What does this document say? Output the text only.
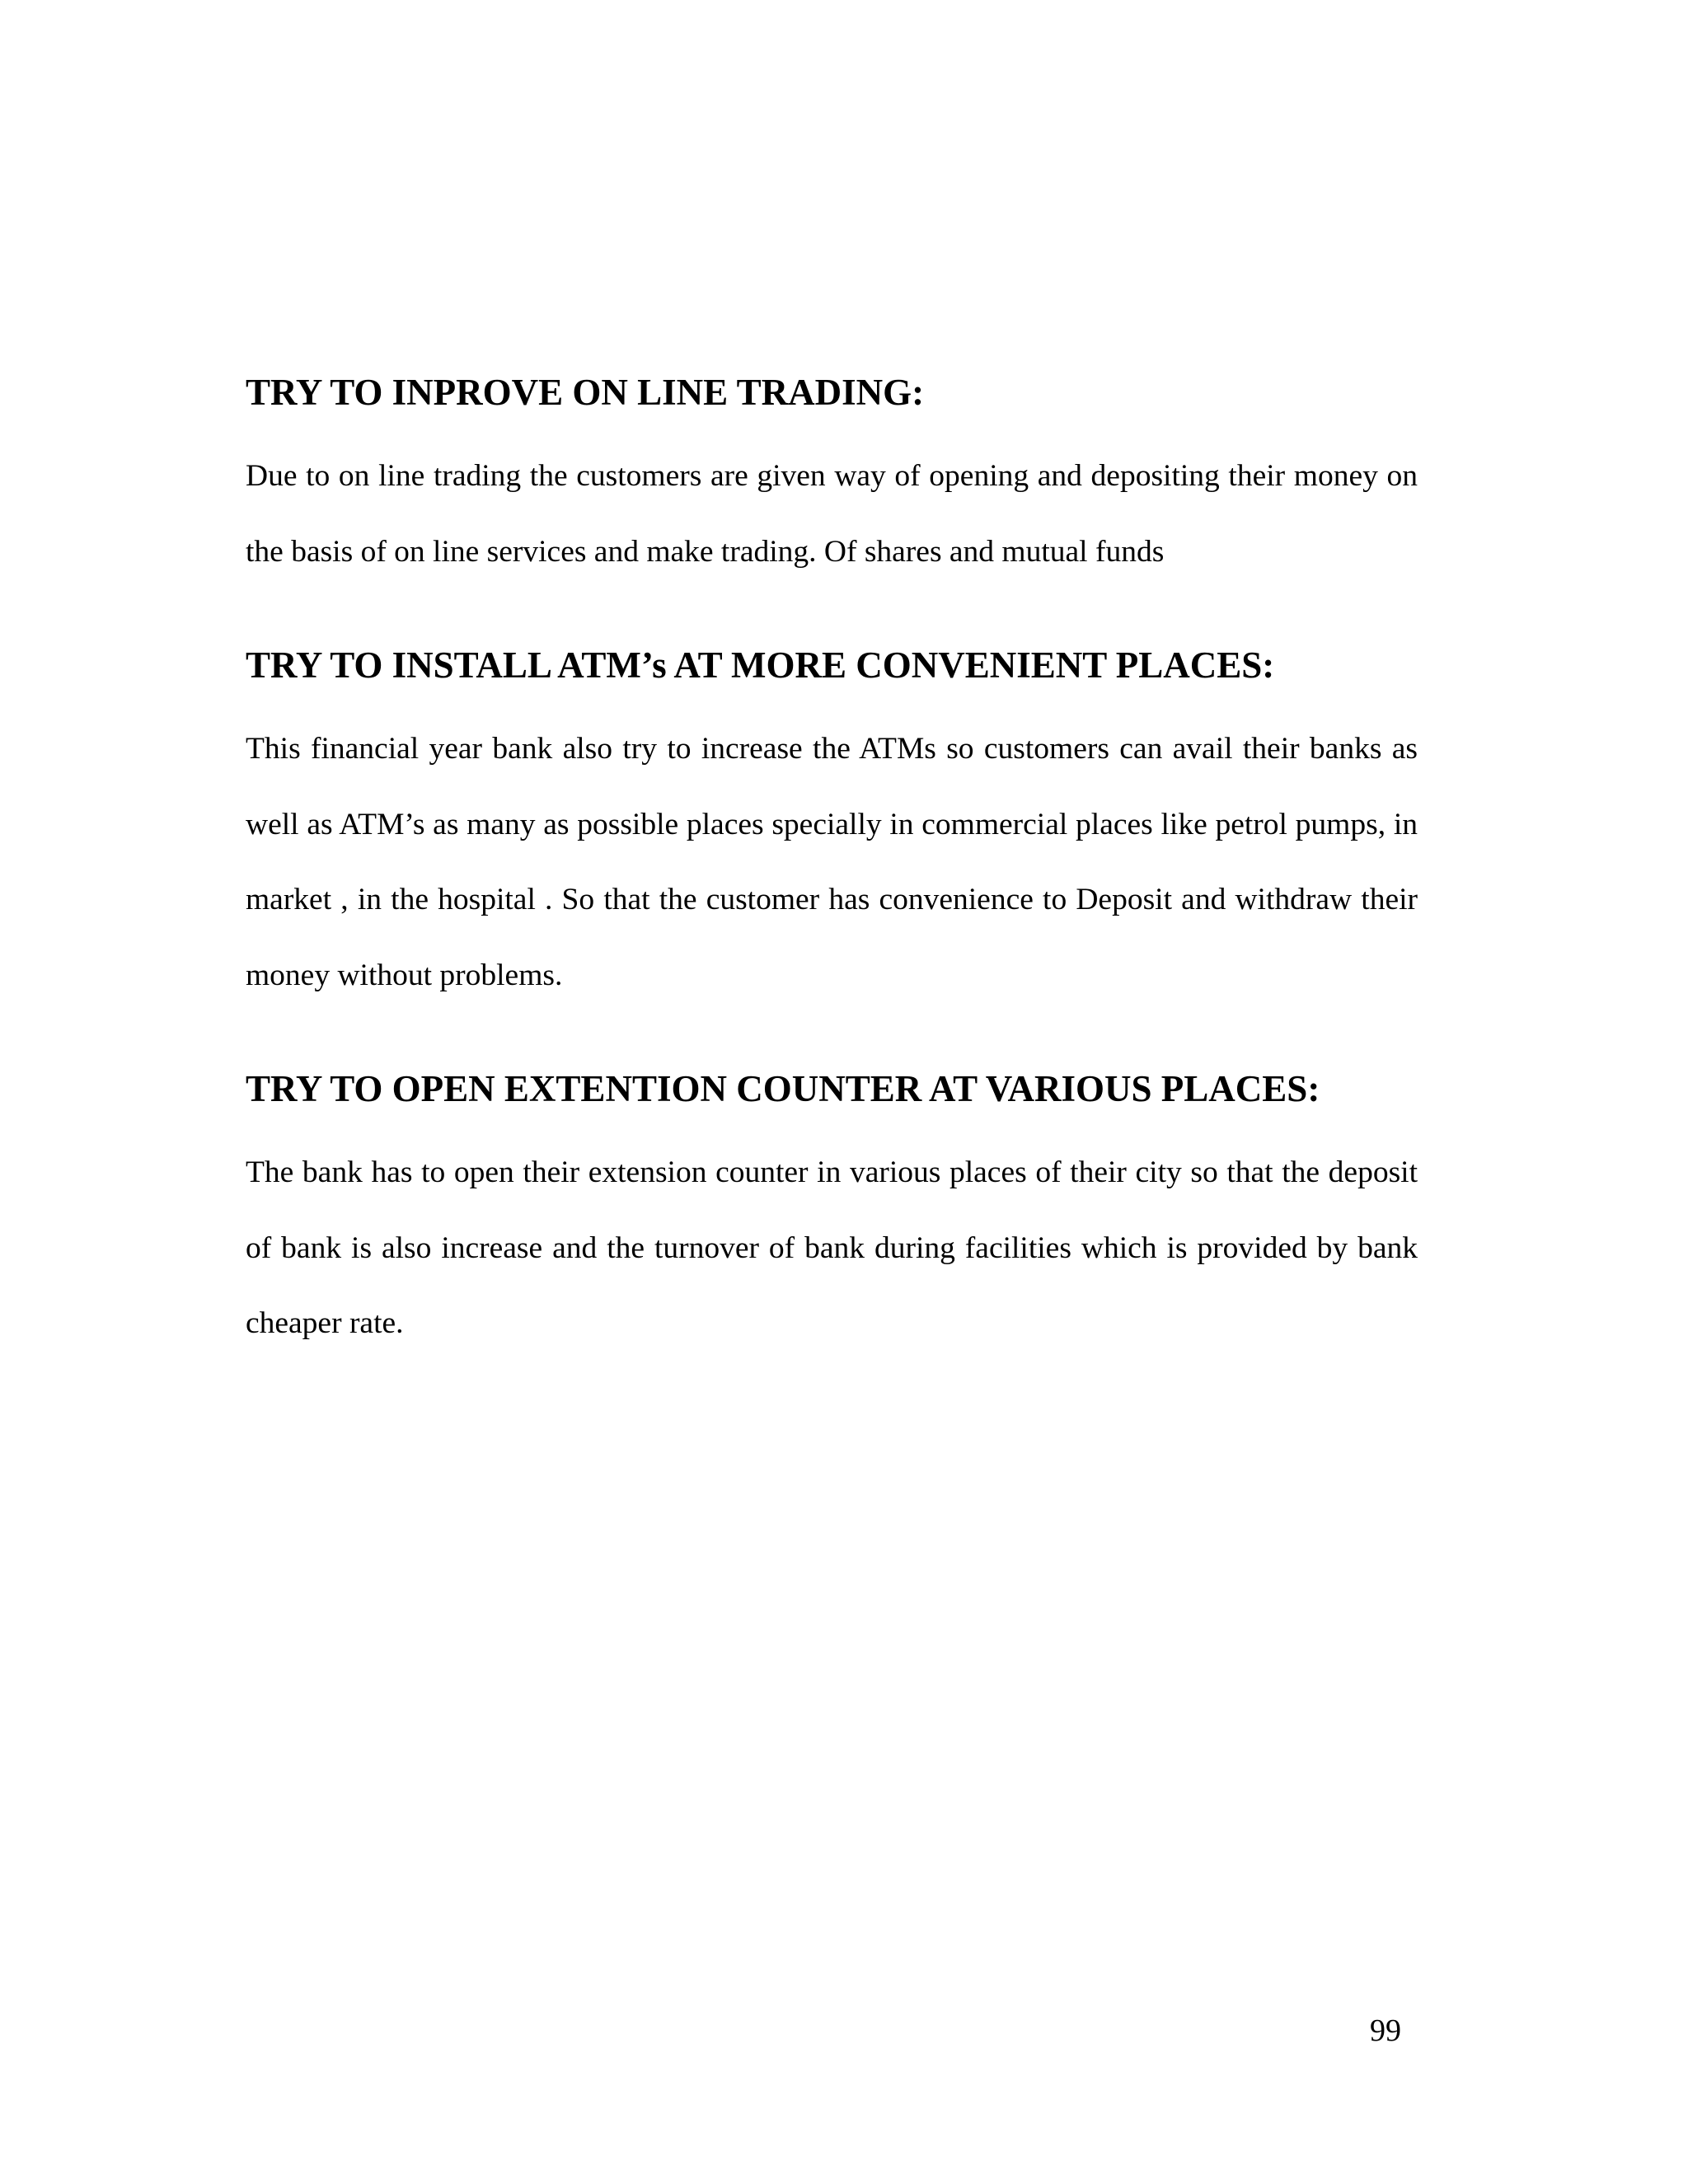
TRY TO INPROVE ON LINE TRADING:

Due to on line trading the customers are given way of opening and depositing their money on the basis of on line services and make trading. Of shares and mutual funds

TRY TO INSTALL ATM’s AT MORE CONVENIENT PLACES:

This financial year bank also try to increase the ATMs so customers can avail their banks as well as ATM’s as many as possible places specially in commercial places like petrol pumps, in market , in the hospital . So that the customer has convenience to Deposit and withdraw their money without problems.

TRY TO OPEN EXTENTION COUNTER AT VARIOUS PLACES:

The bank has to open their extension counter in various places of their city so that the deposit of bank is also increase and the turnover of bank during facilities which is provided by bank cheaper rate.

99
